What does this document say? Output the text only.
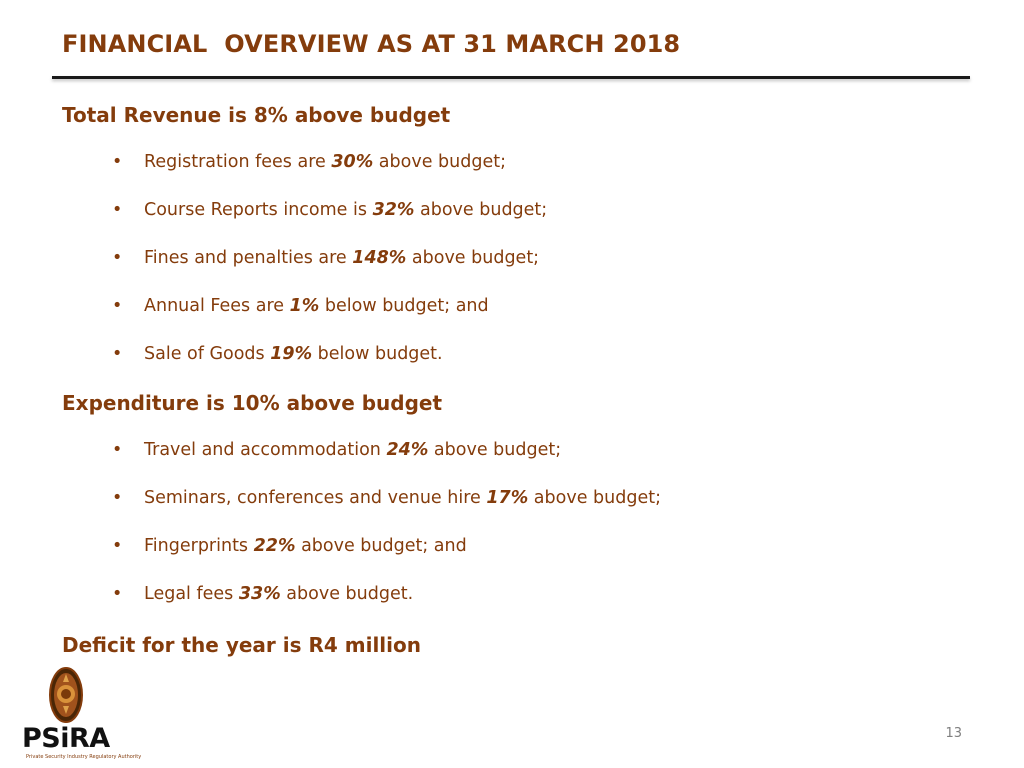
FINANCIAL  OVERVIEW AS AT 31 MARCH 2018
Total Revenue is 8% above budget
• Registration fees are 30% above budget;
• Course Reports income is 32% above budget;
• Fines and penalties are 148% above budget;
• Annual Fees are 1% below budget; and
• Sale of Goods 19% below budget.
Expenditure is 10% above budget
• Travel and accommodation 24% above budget;
• Seminars, conferences and venue hire 17% above budget;
• Fingerprints 22% above budget; and
• Legal fees 33% above budget.
Deficit for the year is R4 million
PSiRA
Private Security Industry Regulatory Authority
13
